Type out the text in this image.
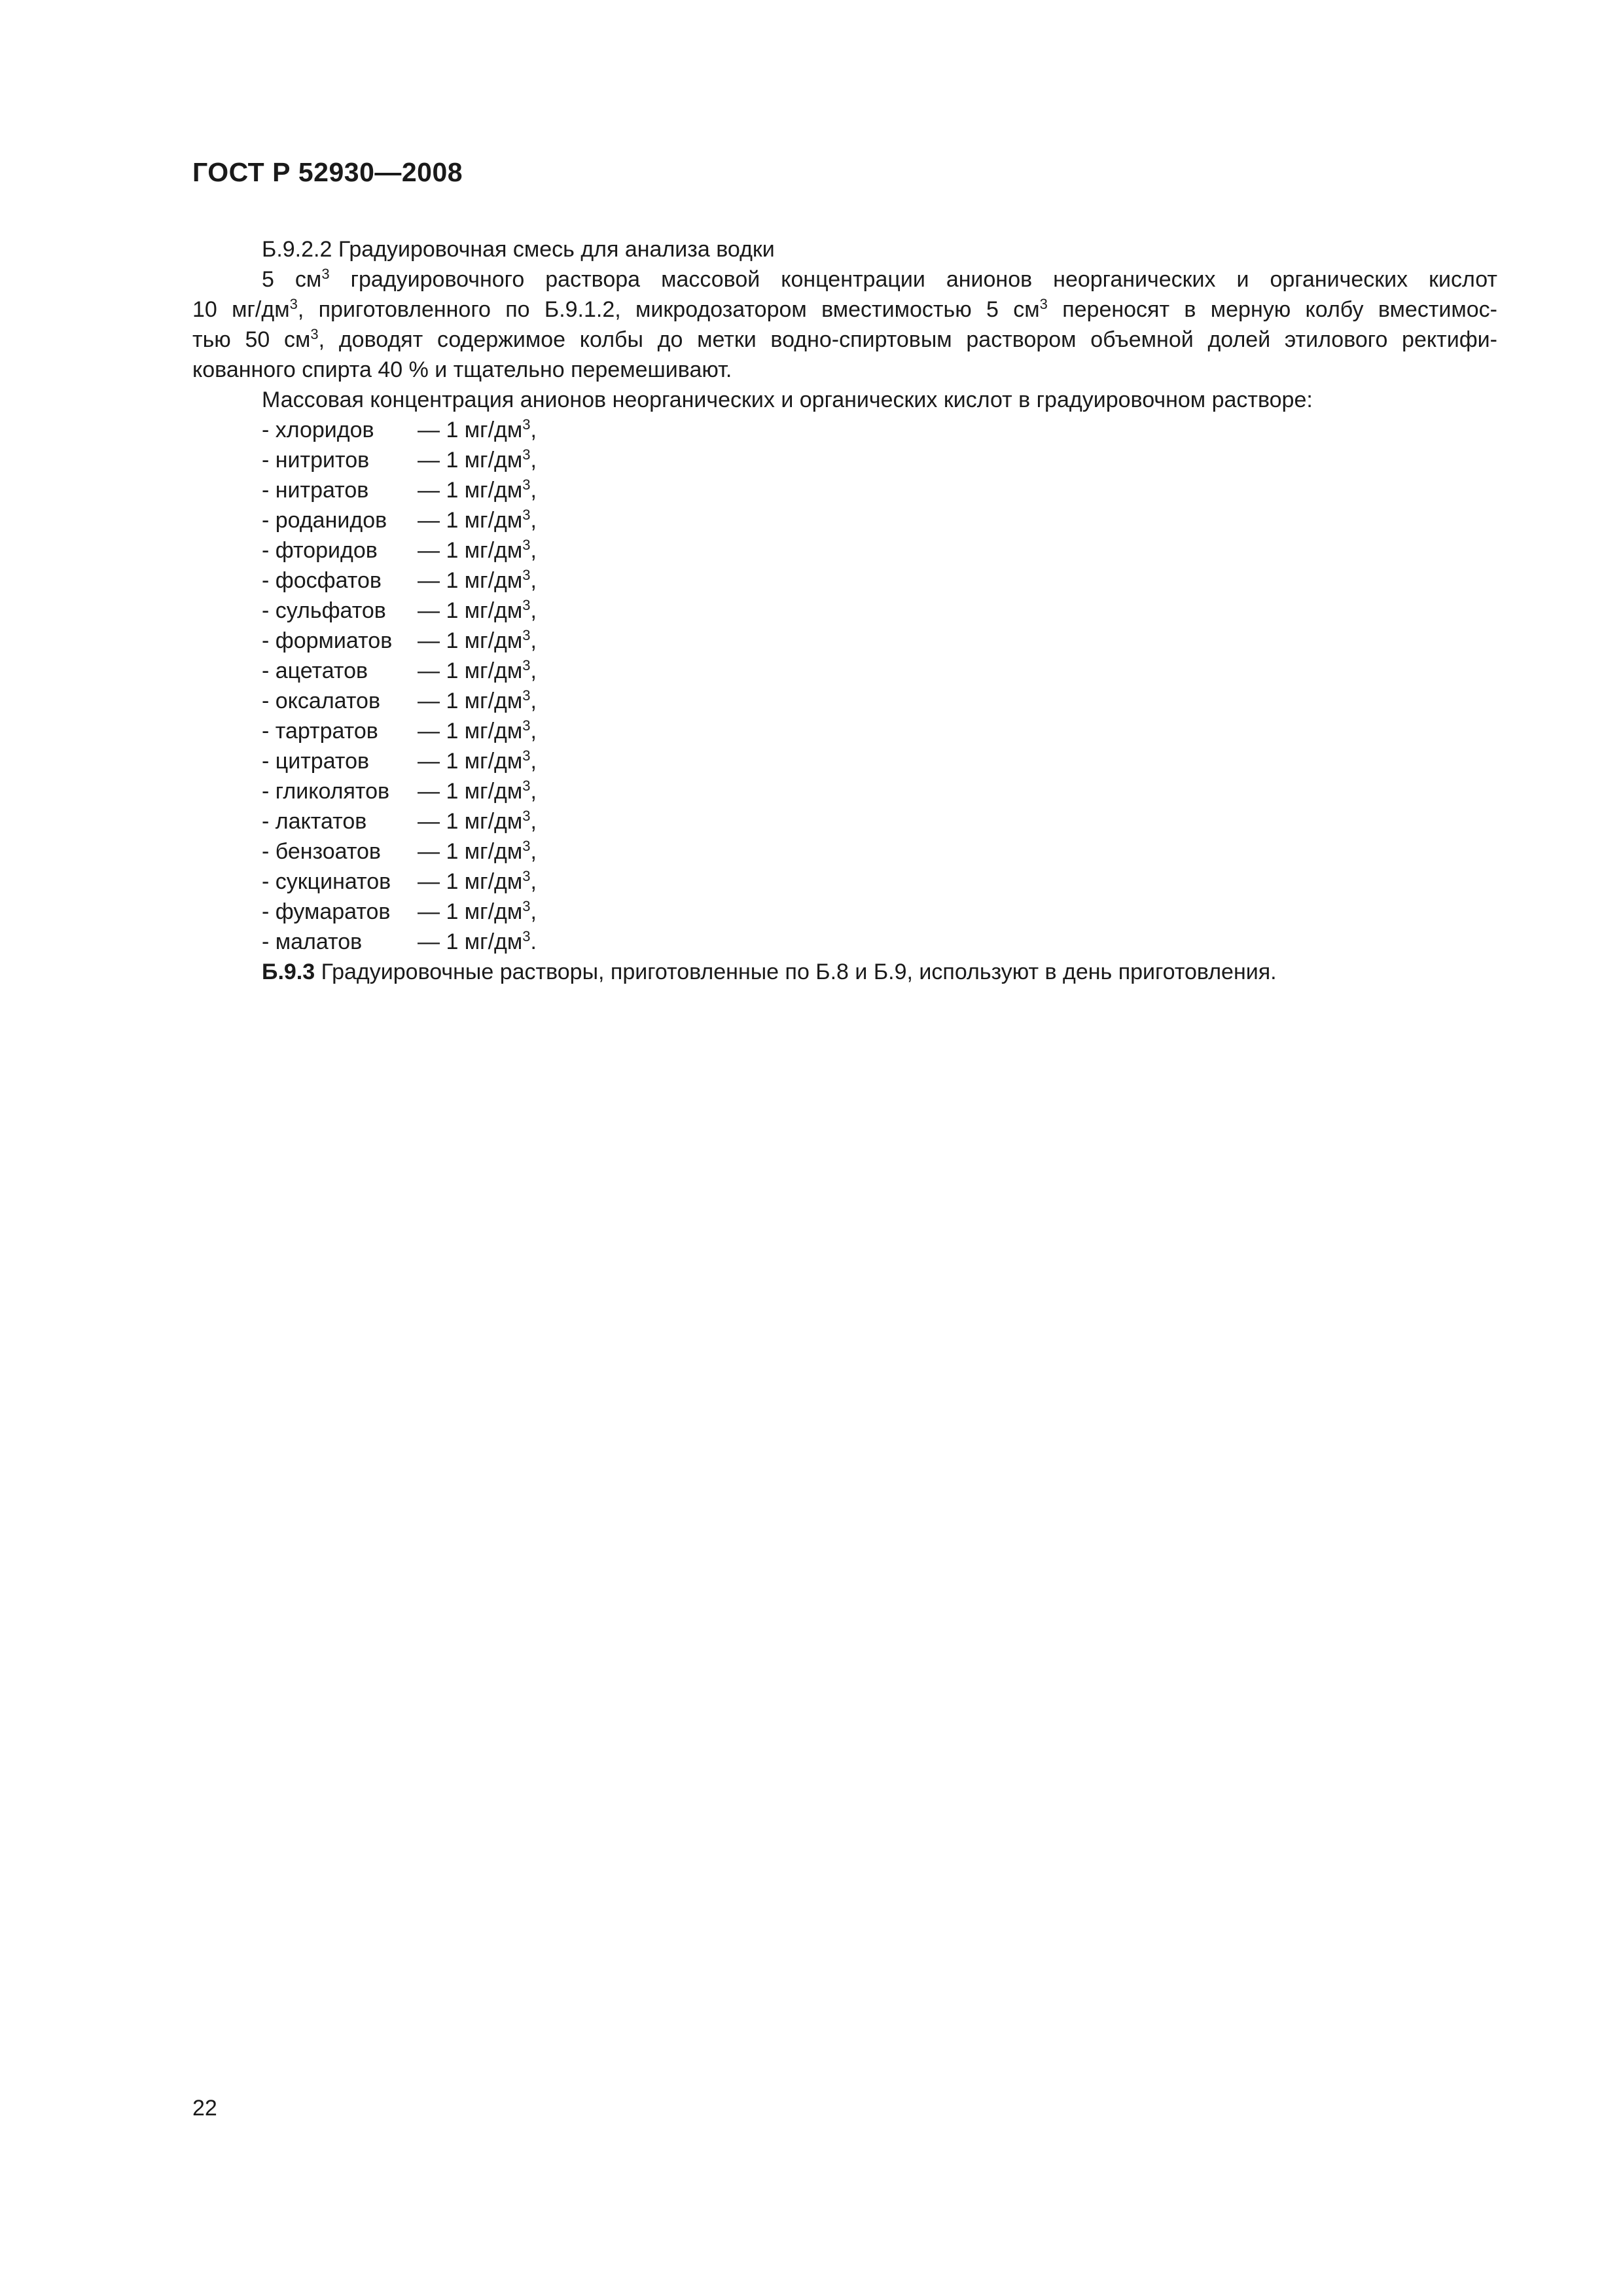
ГОСТ Р 52930—2008

Б.9.2.2 Градуировочная смесь для анализа водки

5 $см^3$ градуировочного раствора массовой концентрации анионов неорганических и органических кислот

10 $мг/дм^3$, приготовленного по Б.9.1.2, микродозатором вместимостью 5 $см^3$ переносят в мерную колбу вместимос-

тью 50 $см^3$, доводят содержимое колбы до метки водно-спиртовым раствором объемной долей этилового ректифи-

кованного спирта 40 % и тщательно перемешивают.

Массовая концентрация анионов неорганических и органических кислот в градуировочном растворе:

- хлоридов	— 1 $мг/дм^3$,
- нитритов	— 1 $мг/дм^3$,
- нитратов	— 1 $мг/дм^3$,
- роданидов	— 1 $мг/дм^3$,
- фторидов	— 1 $мг/дм^3$,
- фосфатов	— 1 $мг/дм^3$,
- сульфатов	— 1 $мг/дм^3$,
- формиатов	— 1 $мг/дм^3$,
- ацетатов	— 1 $мг/дм^3$,
- оксалатов	— 1 $мг/дм^3$,
- тартратов	— 1 $мг/дм^3$,
- цитратов	— 1 $мг/дм^3$,
- гликолятов	— 1 $мг/дм^3$,
- лактатов	— 1 $мг/дм^3$,
- бензоатов	— 1 $мг/дм^3$,
- сукцинатов	— 1 $мг/дм^3$,
- фумаратов	— 1 $мг/дм^3$,
- малатов	— 1 $мг/дм^3$.

Б.9.3 Градуировочные растворы, приготовленные по Б.8 и Б.9, используют в день приготовления.

22
